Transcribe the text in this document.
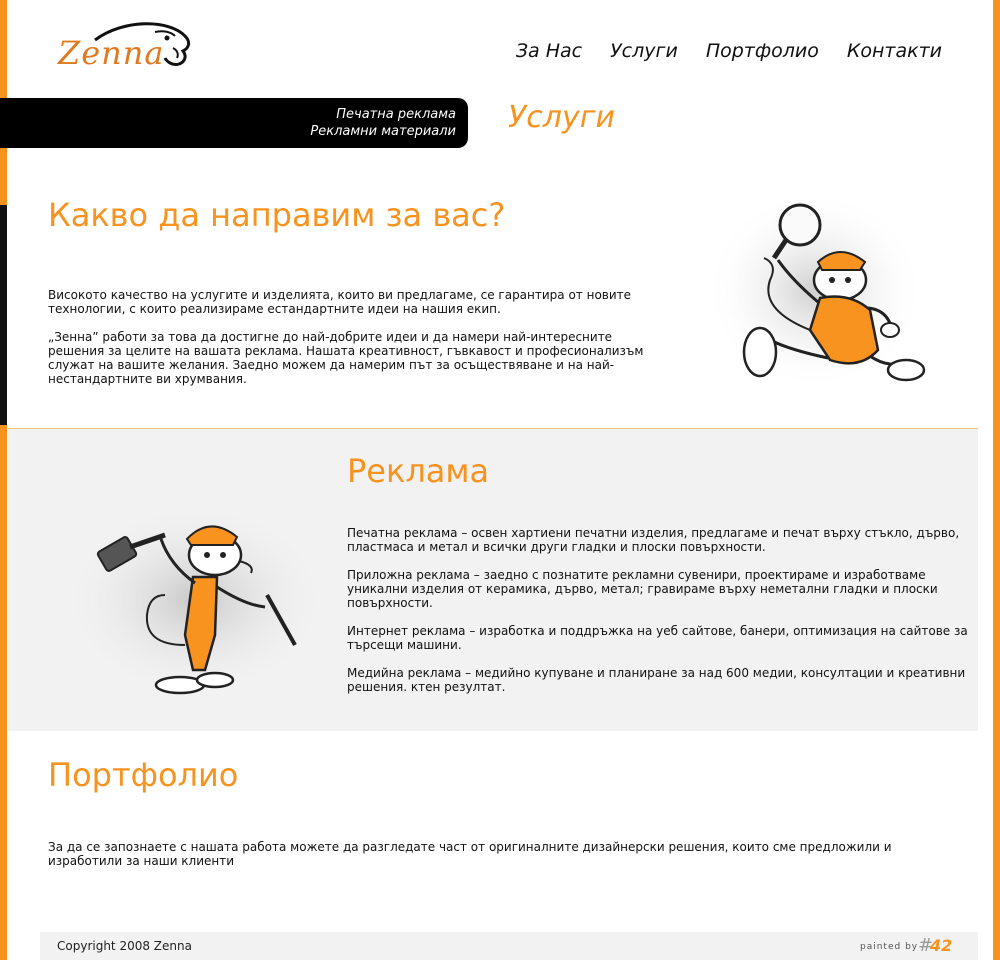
Zenna	За Нас Услуги Портфолио Контакти
Печатна реклама
Рекламни материали Услуги
Какво да направим за вас?

Високото качество на услугите и изделията, които ви предлагаме, се гарантира от новите технологии, с които реализираме естандартните идеи на нашия екип.

„Зенна” работи за това да достигне до най-добрите идеи и да намери най-интересните решения за целите на вашата реклама. Нашата креативност, гъвкавост и професионализъм служат на вашите желания. Заедно можем да намерим път за осъществяване и на най-нестандартните ви хрумвания.

Реклама

Печатна реклама – освен хартиени печатни изделия, предлагаме и печат върху стъкло, дърво, пластмаса и метал и всички други гладки и плоски повърхности.

Приложна реклама – заедно с познатите рекламни сувенири, проектираме и изработваме уникални изделия от керамика, дърво, метал; гравираме върху неметални гладки и плоски повърхности.

Интернет реклама – изработка и поддръжка на уеб сайтове, банери, оптимизация на сайтове за търсещи машини.

Медийна реклама – медийно купуване и планиране за над 600 медии, консултации и креативни решения. ктен резултат.

Портфолио

За да се запознаете с нашата работа можете да разгледате част от оригиналните дизайнерски решения, които сме предложили и изработили за наши клиенти

Copyright 2008 Zenna	painted by #
42
